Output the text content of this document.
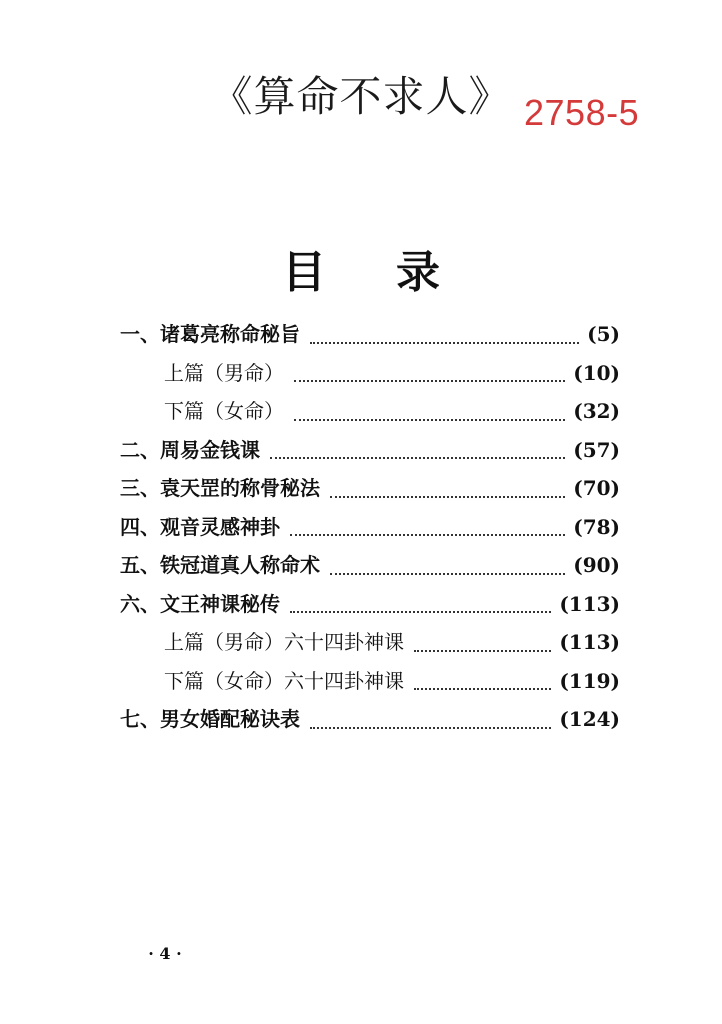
《算命不求人》 2758-5
目 录
一、诸葛亮称命秘旨	(5)
上篇（男命）	(10)
下篇（女命）	(32)
二、周易金钱课	(57)
三、袁天罡的称骨秘法	(70)
四、观音灵感神卦	(78)
五、铁冠道真人称命术	(90)
六、文王神课秘传	(113)
上篇（男命）六十四卦神课	(113)
下篇（女命）六十四卦神课	(119)
七、男女婚配秘诀表	(124)
· 4 ·
